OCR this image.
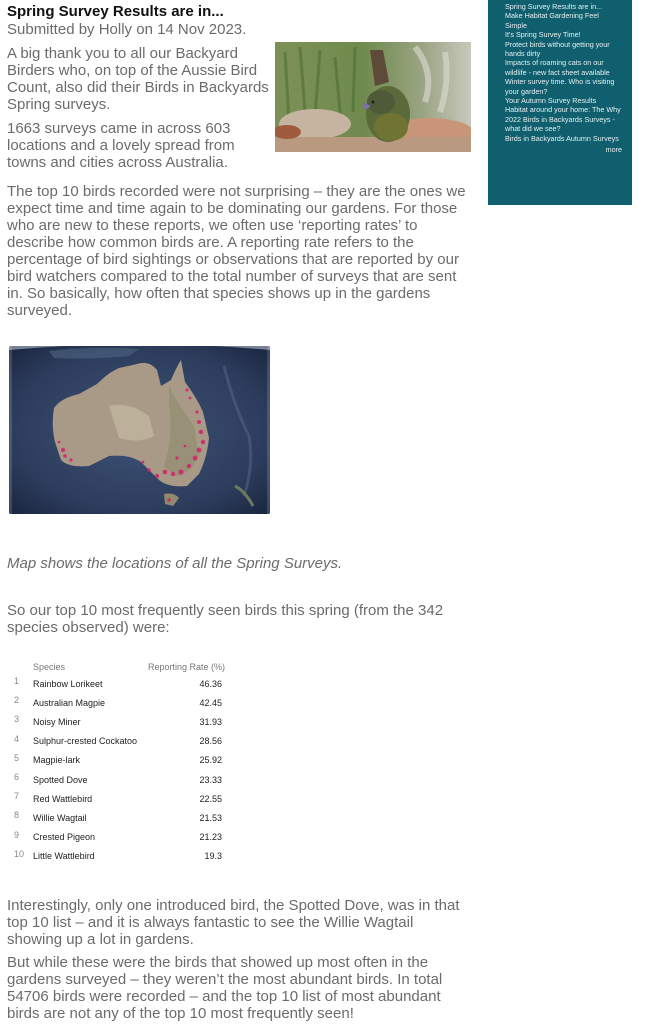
Spring Survey Results are in...
Submitted by Holly on 14 Nov 2023.

A big thank you to all our Backyard Birders who, on top of the Aussie Bird Count, also did their Birds in Backyards Spring surveys.

1663 surveys came in across 603 locations and a lovely spread from towns and cities across Australia.

The top 10 birds recorded were not surprising – they are the ones we expect time and time again to be dominating our gardens. For those who are new to these reports, we often use ‘reporting rates’ to describe how common birds are. A reporting rate refers to the percentage of bird sightings or observations that are reported by our bird watchers compared to the total number of surveys that are sent in. So basically, how often that species shows up in the gardens surveyed.

Map shows the locations of all the Spring Surveys.

So our top 10 most frequently seen birds this spring (from the 342 species observed) were:

	Species	Reporting Rate (%)
1	Rainbow Lorikeet	46.36
2	Australian Magpie	42.45
3	Noisy Miner	31.93
4	Sulphur-crested Cockatoo	28.56
5	Magpie-lark	25.92
6	Spotted Dove	23.33
7	Red Wattlebird	22.55
8	Willie Wagtail	21.53
9	Crested Pigeon	21.23
10	Little Wattlebird	19.3

Interestingly, only one introduced bird, the Spotted Dove, was in that top 10 list – and it is always fantastic to see the Willie Wagtail showing up a lot in gardens.

But while these were the birds that showed up most often in the gardens surveyed – they weren’t the most abundant birds. In total 54706 birds were recorded – and the top 10 list of most abundant birds are not any of the top 10 most frequently seen!

Spring Survey Results are in...
Make Habitat Gardening Feel Simple
It's Spring Survey Time!
Protect birds without getting your hands dirty
Impacts of roaming cats on our wildlife - new fact sheet available
Winter survey time. Who is visiting your garden?
Your Autumn Survey Results
Habitat around your home: The Why
2022 Birds in Backyards Surveys - what did we see?
Birds in Backyards Autumn Surveys
more
